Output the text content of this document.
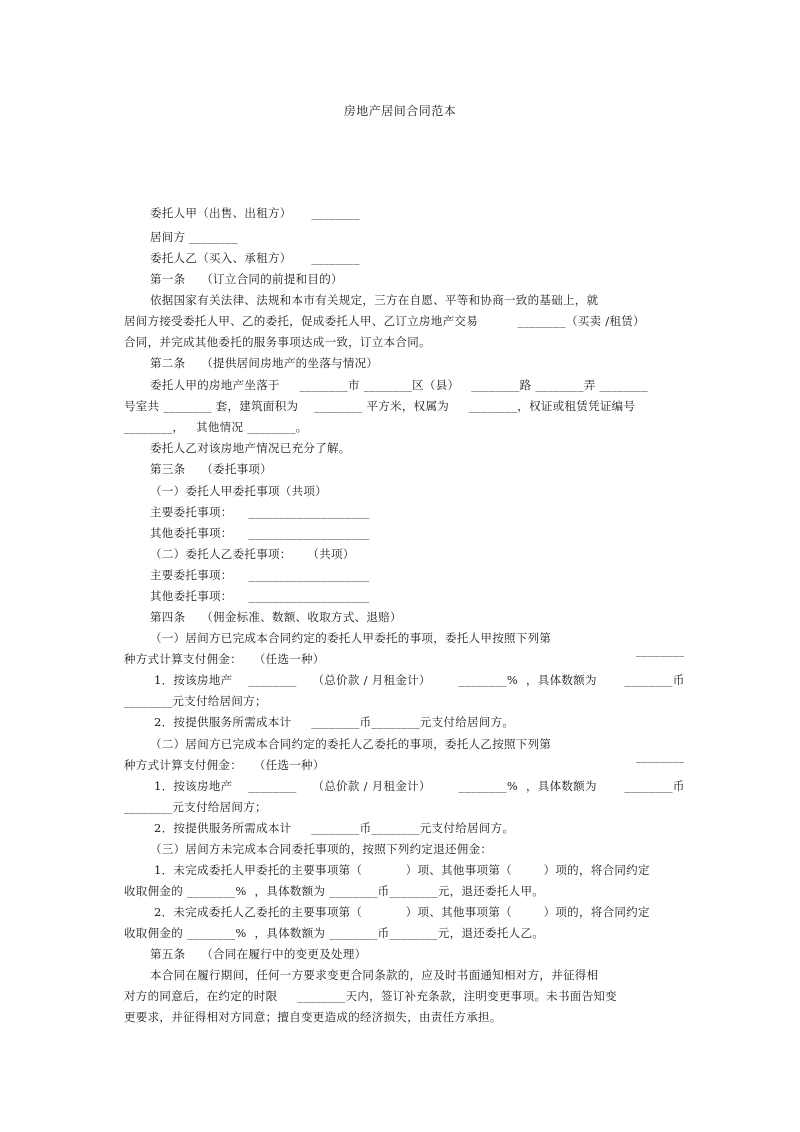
房地产居间合同范本
委托人甲（出售、出租方）     ________
居间方 ________
委托人乙（买入、承租方）     ________
第一条    （订立合同的前提和目的）
依据国家有关法律、法规和本市有关规定，三方在自愿、平等和协商一致的基础上，就
居间方接受委托人甲、乙的委托，促成委托人甲、乙订立房地产交易          ________（买卖 /租赁）
合同，并完成其他委托的服务事项达成一致，订立本合同。
第二条    （提供居间房地产的坐落与情况）
委托人甲的房地产坐落于     ________市 ________区（县）   ________路 ________弄 ________
号室共 ________ 套，建筑面积为    ________ 平方米，权属为     ________，权证或租赁凭证编号
________，   其他情况 ________。
委托人乙对该房地产情况已充分了解。
第三条    （委托事项）
（一）委托人甲委托事项（共项）
主要委托事项：    ____________________
其他委托事项：    ____________________
（二）委托人乙委托事项：    （共项）
主要委托事项：    ____________________
其他委托事项：    ____________________
第四条    （佣金标准、数额、收取方式、退赔）
（一）居间方已完成本合同约定的委托人甲委托的事项，委托人甲按照下列第
________
种方式计算支付佣金：   （任选一种）
1．按该房地产    ________    （总价款 / 月租金计）       ________%  ，具体数额为       ________币
________元支付给居间方；
2．按提供服务所需成本计     ________币________元支付给居间方。
（二）居间方已完成本合同约定的委托人乙委托的事项，委托人乙按照下列第
________
种方式计算支付佣金：   （任选一种）
1．按该房地产    ________    （总价款 / 月租金计）       ________%  ，具体数额为       ________币
________元支付给居间方；
2．按提供服务所需成本计     ________币________元支付给居间方。
（三）居间方未完成本合同委托事项的，按照下列约定退还佣金：
1．未完成委托人甲委托的主要事项第（           ）项、其他事项第（        ）项的，将合同约定
收取佣金的 ________%  ，具体数额为 ________币________元，退还委托人甲。
2．未完成委托人乙委托的主要事项第（           ）项、其他事项第（        ）项的，将合同约定
收取佣金的 ________%  ，具体数额为 ________币________元，退还委托人乙。
第五条    （合同在履行中的变更及处理）
本合同在履行期间，任何一方要求变更合同条款的，应及时书面通知相对方，并征得相
对方的同意后，在约定的时限     ________天内，签订补充条款，注明变更事项。未书面告知变
更要求，并征得相对方同意；擅自变更造成的经济损失，由责任方承担。
